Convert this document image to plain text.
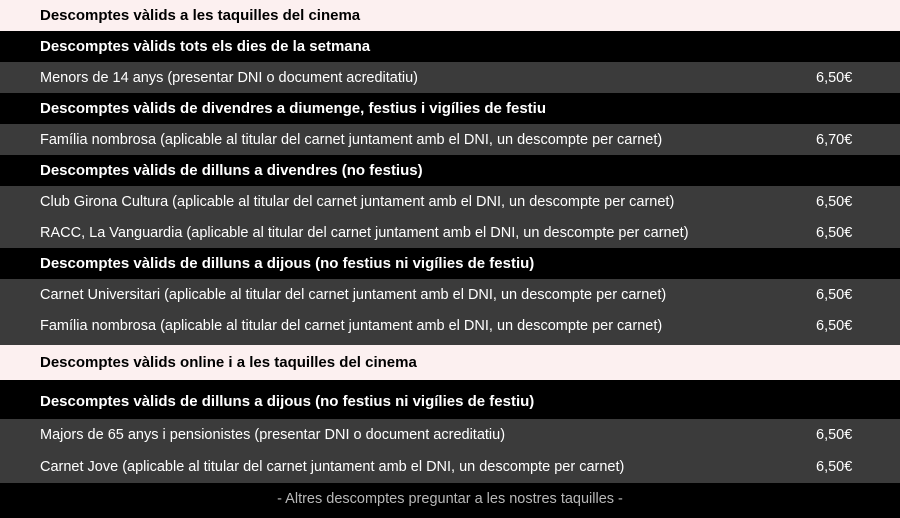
Descomptes vàlids a les taquilles del cinema
Descomptes vàlids tots els dies de la setmana
Menors de 14 anys (presentar DNI o document acreditatiu)	6,50€
Descomptes vàlids de divendres a diumenge, festius i vigílies de festiu
Família nombrosa (aplicable al titular del carnet juntament amb el DNI, un descompte per carnet)	6,70€
Descomptes vàlids de dilluns a divendres (no festius)
Club Girona Cultura (aplicable al titular del carnet juntament amb el DNI, un descompte per carnet)	6,50€
RACC, La Vanguardia (aplicable al titular del carnet juntament amb el DNI, un descompte per carnet)	6,50€
Descomptes vàlids de dilluns a dijous (no festius ni vigílies de festiu)
Carnet Universitari (aplicable al titular del carnet juntament amb el DNI, un descompte per carnet)	6,50€
Família nombrosa (aplicable al titular del carnet juntament amb el DNI, un descompte per carnet)	6,50€
Descomptes vàlids online i a les taquilles del cinema
Descomptes vàlids de dilluns a dijous (no festius ni vigílies de festiu)
Majors de 65 anys i pensionistes (presentar DNI o document acreditatiu)	6,50€
Carnet Jove (aplicable al titular del carnet juntament amb el DNI, un descompte per carnet)	6,50€
- Altres descomptes preguntar a les nostres taquilles -
